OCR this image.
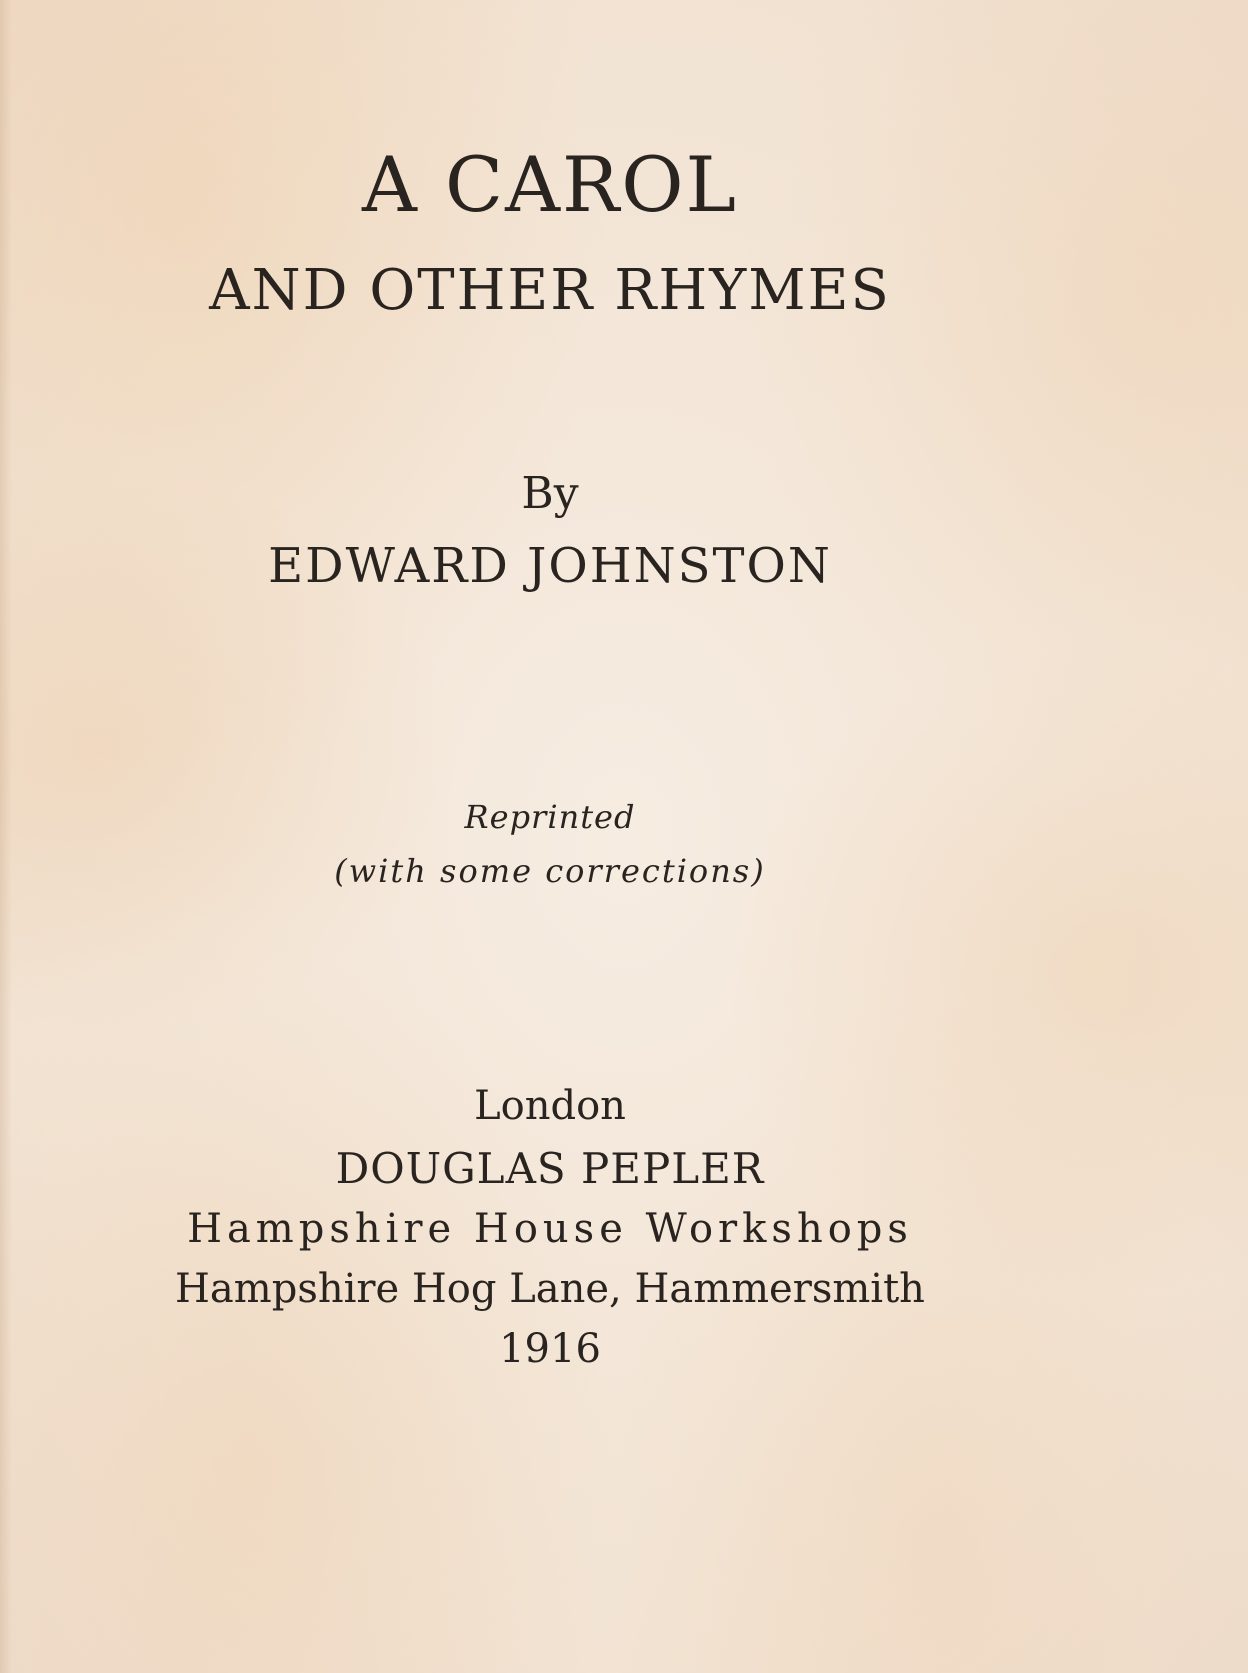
A CAROL
AND OTHER RHYMES
By
EDWARD JOHNSTON
Reprinted
(with some corrections)
London
DOUGLAS PEPLER
Hampshire House Workshops
Hampshire Hog Lane, Hammersmith
1916
